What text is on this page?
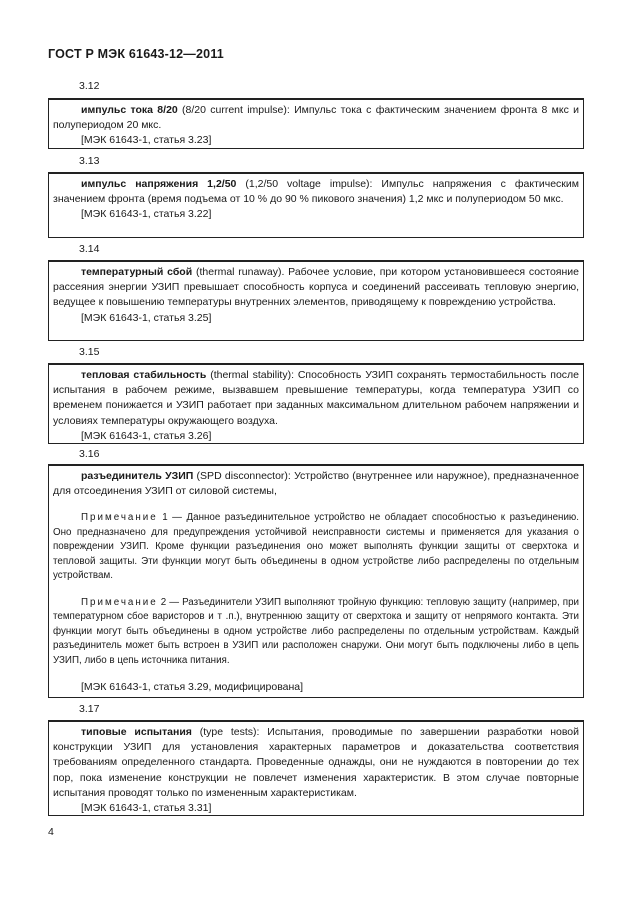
ГОСТ Р МЭК 61643-12—2011
3.12

импульс тока 8/20 (8/20 current impulse): Импульс тока с фактическим значением фронта 8 мкс и полупериодом 20 мкс.

[МЭК 61643-1, статья 3.23]

3.13

импульс напряжения 1,2/50 (1,2/50 voltage impulse): Импульс напряжения с фактическим значением фронта (время подъема от 10 % до 90 % пикового значения) 1,2 мкс и полупериодом 50 мкс.

[МЭК 61643-1, статья 3.22]

3.14

температурный сбой (thermal runaway). Рабочее условие, при котором установившееся состояние рассеяния энергии УЗИП превышает способность корпуса и соединений рассеивать тепловую энергию, ведущее к повышению температуры внутренних элементов, приводящему к повреждению устройства.

[МЭК 61643-1, статья 3.25]

3.15

тепловая стабильность (thermal stability): Способность УЗИП сохранять термостабильность после испытания в рабочем режиме, вызвавшем превышение температуры, когда температура УЗИП со временем понижается и УЗИП работает при заданных максимальном длительном рабочем напряжении и условиях температуры окружающего воздуха.

[МЭК 61643-1, статья 3.26]

3.16

разъединитель УЗИП (SPD disconnector): Устройство (внутреннее или наружное), предназначенное для отсоединения УЗИП от силовой системы,

Примечание 1 — Данное разъединительное устройство не обладает способностью к разъединению. Оно предназначено для предупреждения устойчивой неисправности системы и применяется для указания о повреждении УЗИП. Кроме функции разъединения оно может выполнять функции защиты от сверхтока и тепловой защиты. Эти функции могут быть объединены в одном устройстве либо распределены по отдельным устройствам.

Примечание 2 — Разъединители УЗИП выполняют тройную функцию: тепловую защиту (например, при температурном сбое варисторов и т .п.), внутреннюю защиту от сверхтока и защиту от непрямого контакта. Эти функции могут быть объединены в одном устройстве либо распределены по отдельным устройствам. Каждый разъединитель может быть встроен в УЗИП или расположен снаружи. Они могут быть подключены либо в цепь УЗИП, либо в цепь источника питания.

[МЭК 61643-1, статья 3.29, модифицирована]

3.17

типовые испытания (type tests): Испытания, проводимые по завершении разработки новой конструкции УЗИП для установления характерных параметров и доказательства соответствия требованиям определенного стандарта. Проведенные однажды, они не нуждаются в повторении до тех пор, пока изменение конструкции не повлечет изменения характеристик. В этом случае повторные испытания проводят только по измененным характеристикам.

[МЭК 61643-1, статья 3.31]

4
